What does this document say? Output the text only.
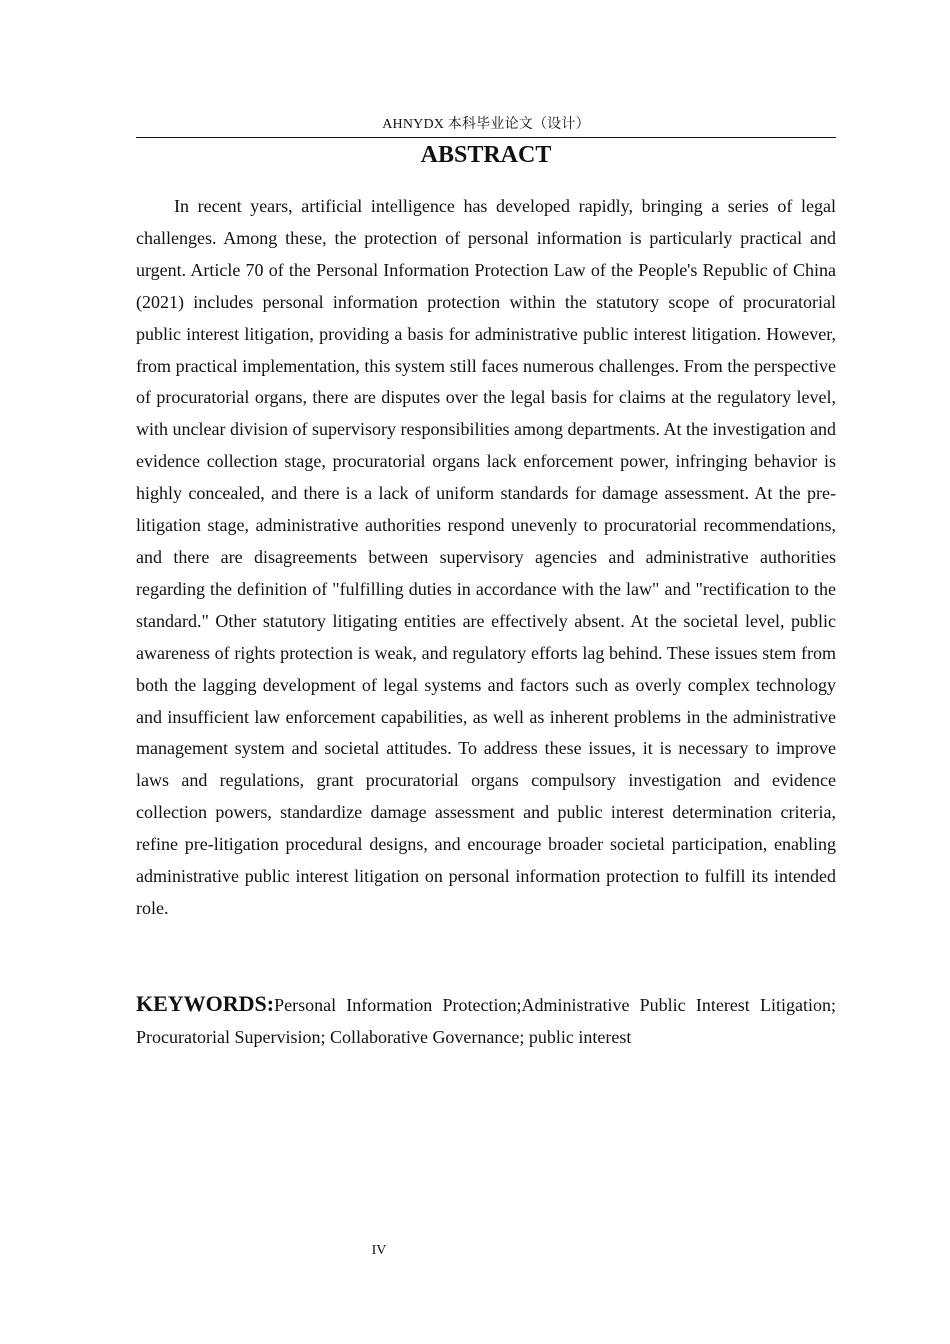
AHNYDX 本科毕业论文（设计）
ABSTRACT

In recent years, artificial intelligence has developed rapidly, bringing a series of legal challenges. Among these, the protection of personal information is particularly practical and urgent. Article 70 of the Personal Information Protection Law of the People's Republic of China (2021) includes personal information protection within the statutory scope of procuratorial public interest litigation, providing a basis for administrative public interest litigation. However, from practical implementation, this system still faces numerous challenges. From the perspective of procuratorial organs, there are disputes over the legal basis for claims at the regulatory level, with unclear division of supervisory responsibilities among departments. At the investigation and evidence collection stage, procuratorial organs lack enforcement power, infringing behavior is highly concealed, and there is a lack of uniform standards for damage assessment. At the pre-litigation stage, administrative authorities respond unevenly to procuratorial recommendations, and there are disagreements between supervisory agencies and administrative authorities regarding the definition of "fulfilling duties in accordance with the law" and "rectification to the standard." Other statutory litigating entities are effectively absent. At the societal level, public awareness of rights protection is weak, and regulatory efforts lag behind. These issues stem from both the lagging development of legal systems and factors such as overly complex technology and insufficient law enforcement capabilities, as well as inherent problems in the administrative management system and societal attitudes. To address these issues, it is necessary to improve laws and regulations, grant procuratorial organs compulsory investigation and evidence collection powers, standardize damage assessment and public interest determination criteria, refine pre-litigation procedural designs, and encourage broader societal participation, enabling administrative public interest litigation on personal information protection to fulfill its intended role.

KEYWORDS:Personal Information Protection;Administrative Public Interest Litigation; Procuratorial Supervision; Collaborative Governance; public interest

IV
